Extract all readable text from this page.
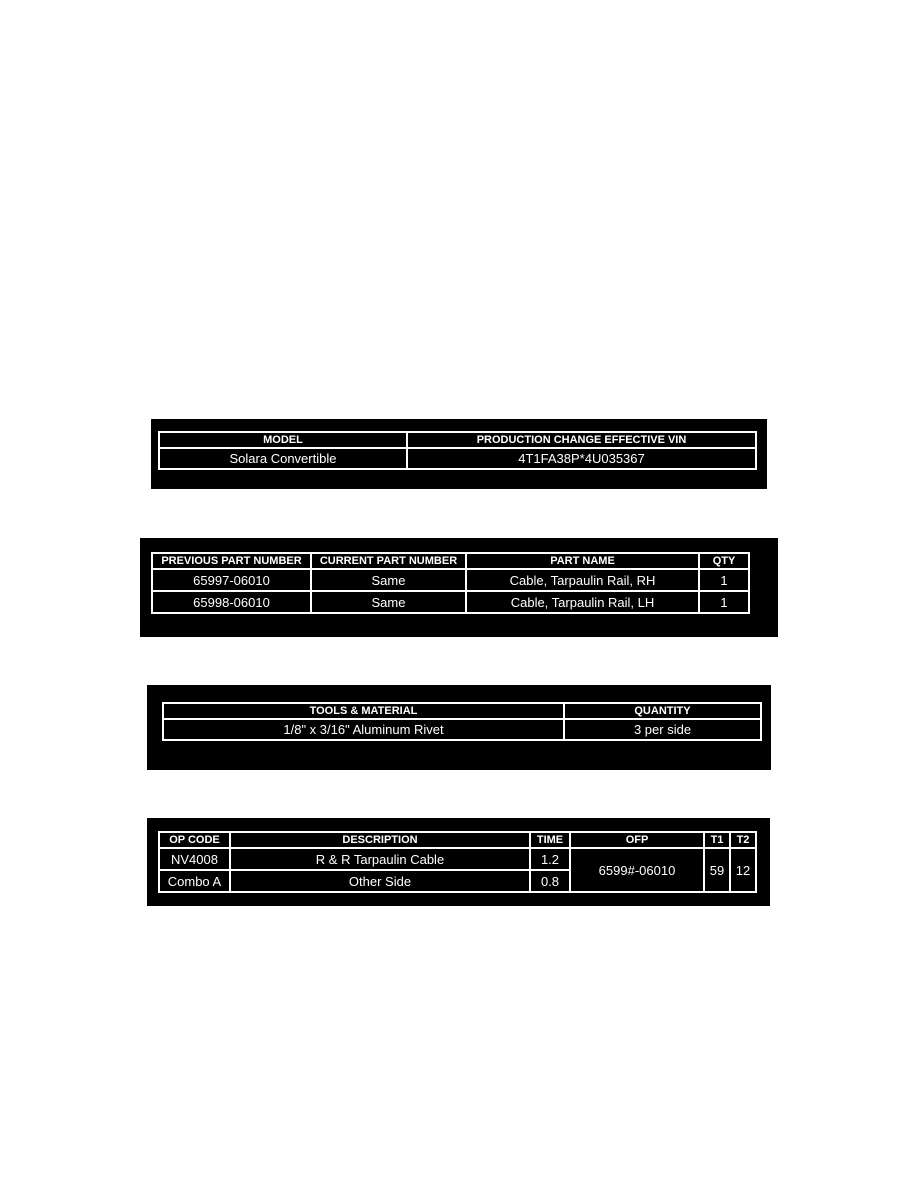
MODEL	PRODUCTION CHANGE EFFECTIVE VIN
Solara Convertible	4T1FA38P*4U035367
PREVIOUS PART NUMBER	CURRENT PART NUMBER	PART NAME	QTY
65997-06010	Same	Cable, Tarpaulin Rail, RH	1
65998-06010	Same	Cable, Tarpaulin Rail, LH	1
TOOLS & MATERIAL	QUANTITY
1/8" x 3/16" Aluminum Rivet	3 per side
OP CODE	DESCRIPTION	TIME	OFP	T1	T2
NV4008	R & R Tarpaulin Cable	1.2	6599#-06010	59	12
Combo A	Other Side	0.8			
